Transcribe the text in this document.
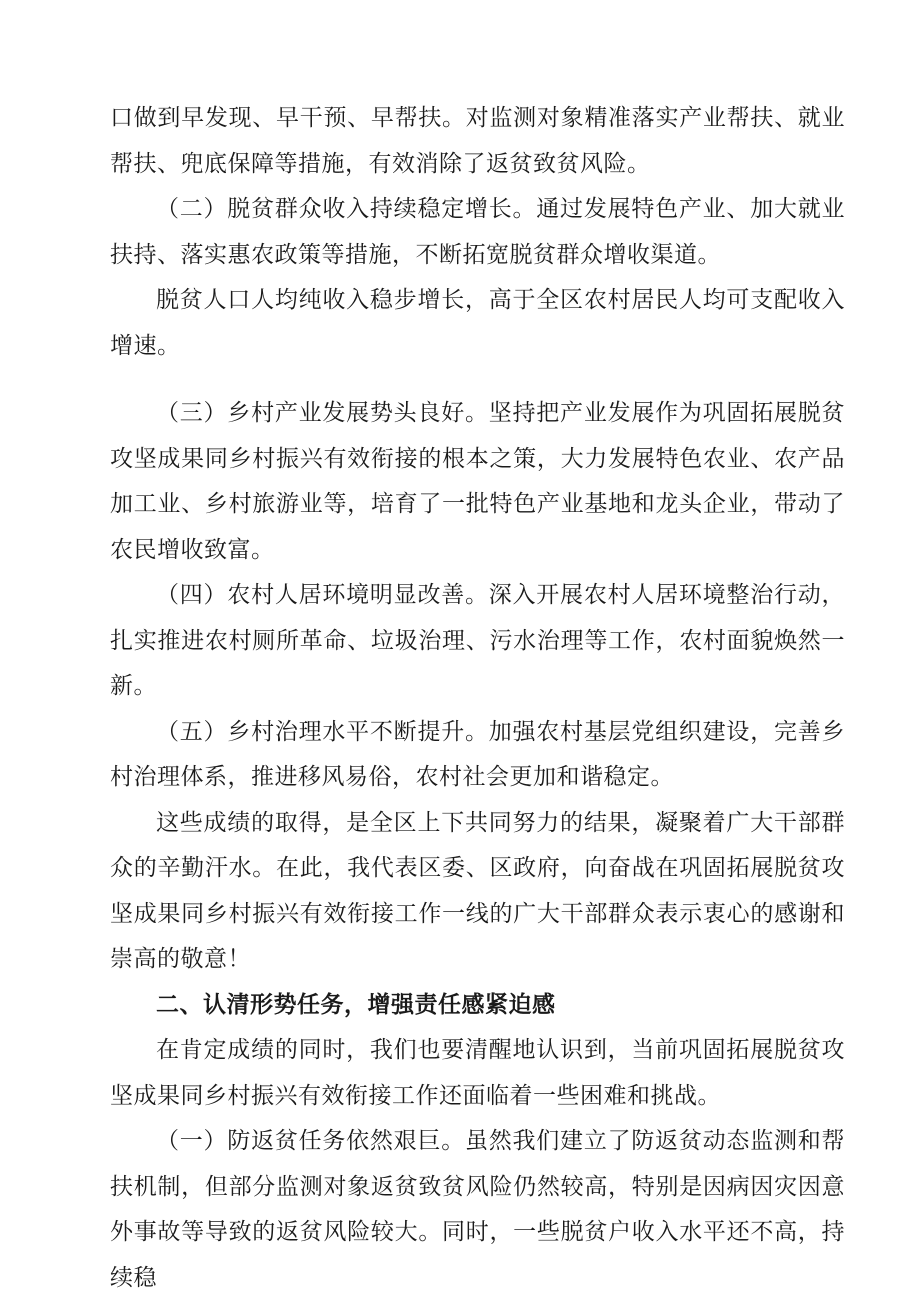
口做到早发现、早干预、早帮扶。对监测对象精准落实产业帮扶、就业帮扶、兜底保障等措施，有效消除了返贫致贫风险。

（二）脱贫群众收入持续稳定增长。通过发展特色产业、加大就业扶持、落实惠农政策等措施，不断拓宽脱贫群众增收渠道。

脱贫人口人均纯收入稳步增长，高于全区农村居民人均可支配收入增速。

（三）乡村产业发展势头良好。坚持把产业发展作为巩固拓展脱贫攻坚成果同乡村振兴有效衔接的根本之策，大力发展特色农业、农产品加工业、乡村旅游业等，培育了一批特色产业基地和龙头企业，带动了农民增收致富。

（四）农村人居环境明显改善。深入开展农村人居环境整治行动，扎实推进农村厕所革命、垃圾治理、污水治理等工作，农村面貌焕然一新。

（五）乡村治理水平不断提升。加强农村基层党组织建设，完善乡村治理体系，推进移风易俗，农村社会更加和谐稳定。

这些成绩的取得，是全区上下共同努力的结果，凝聚着广大干部群众的辛勤汗水。在此，我代表区委、区政府，向奋战在巩固拓展脱贫攻坚成果同乡村振兴有效衔接工作一线的广大干部群众表示衷心的感谢和崇高的敬意！

二、认清形势任务，增强责任感紧迫感

在肯定成绩的同时，我们也要清醒地认识到，当前巩固拓展脱贫攻坚成果同乡村振兴有效衔接工作还面临着一些困难和挑战。

（一）防返贫任务依然艰巨。虽然我们建立了防返贫动态监测和帮扶机制，但部分监测对象返贫致贫风险仍然较高，特别是因病因灾因意外事故等导致的返贫风险较大。同时，一些脱贫户收入水平还不高，持续稳
